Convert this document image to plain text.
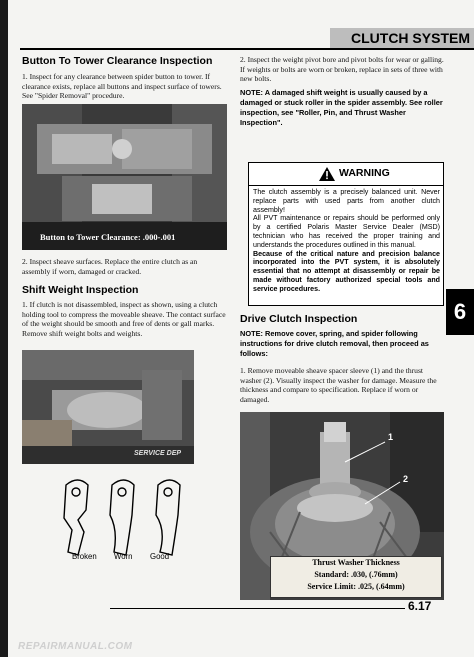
CLUTCH SYSTEM
Button To Tower Clearance Inspection
1. Inspect for any clearance between spider button to tower. If clearance exists, replace all buttons and inspect surface of towers. See "Spider Removal" procedure.
Button to Tower Clearance: .000-.001
2. Inspect sheave surfaces. Replace the entire clutch as an assembly if worn, damaged or cracked.
Shift Weight Inspection
1. If clutch is not disassembled, inspect as shown, using a clutch holding tool to compress the moveable sheave. The contact surface of the weight should be smooth and free of dents or gall marks. Remove shift weight bolts and weights.
SERVICE DEP
Broken Worn Good
2. Inspect the weight pivot bore and pivot bolts for wear or galling. If weights or bolts are worn or broken, replace in sets of three with new bolts.
NOTE: A damaged shift weight is usually caused by a damaged or stuck roller in the spider assembly. See roller inspection, see "Roller, Pin, and Thrust Washer Inspection".
WARNING
The clutch assembly is a precisely balanced unit. Never replace parts with used parts from another clutch assembly!
All PVT maintenance or repairs should be performed only by a certified Polaris Master Service Dealer (MSD) technician who has received the proper training and understands the procedures outlined in this manual.
Because of the critical nature and precision balance incorporated into the PVT system, it is absolutely essential that no attempt at disassembly or repair be made without factory authorized special tools and service procedures.
6
Drive Clutch Inspection
NOTE: Remove cover, spring, and spider following instructions for drive clutch removal, then proceed as follows:
1. Remove moveable sheave spacer sleeve (1) and the thrust washer (2). Visually inspect the washer for damage. Measure the thickness and compare to specification. Replace if worn or damaged.
1
2
Thrust Washer Thickness
Standard: .030, (.76mm)
Service Limit: .025, (.64mm)
6.17
REPAIRMANUAL.COM
